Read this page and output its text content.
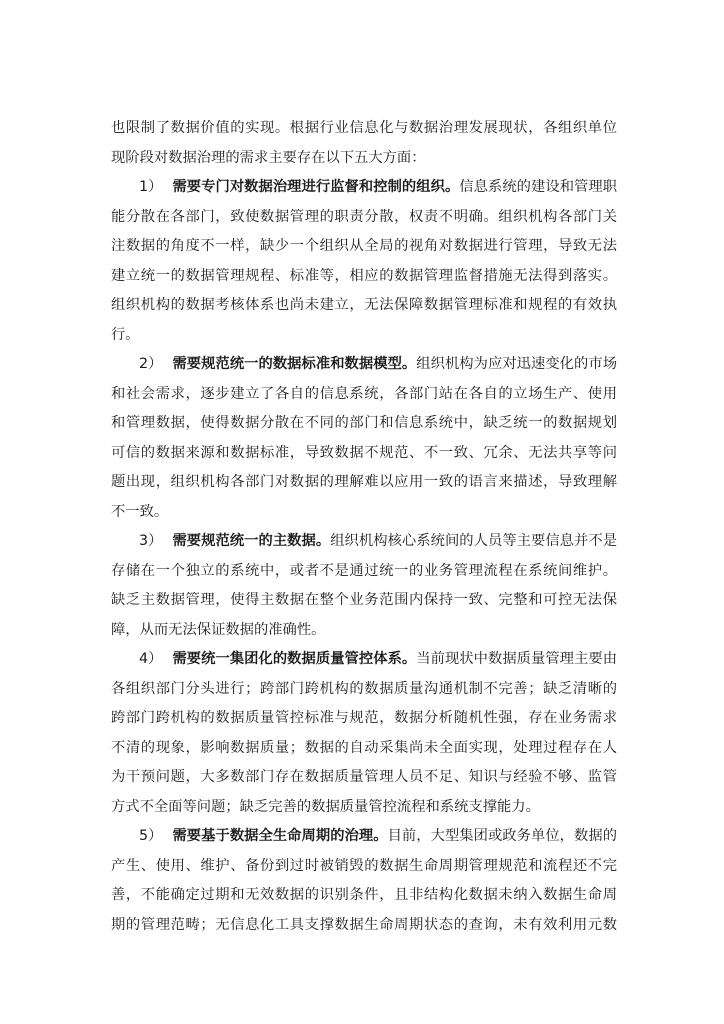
也限制了数据价值的实现。根据行业信息化与数据治理发展现状，各组织单位
现阶段对数据治理的需求主要存在以下五大方面：
1） 需要专门对数据治理进行监督和控制的组织。信息系统的建设和管理职
能分散在各部门，致使数据管理的职责分散，权责不明确。组织机构各部门关
注数据的角度不一样，缺少一个组织从全局的视角对数据进行管理，导致无法
建立统一的数据管理规程、标准等，相应的数据管理监督措施无法得到落实。
组织机构的数据考核体系也尚未建立，无法保障数据管理标准和规程的有效执
行。
2） 需要规范统一的数据标准和数据模型。组织机构为应对迅速变化的市场
和社会需求，逐步建立了各自的信息系统，各部门站在各自的立场生产、使用
和管理数据，使得数据分散在不同的部门和信息系统中，缺乏统一的数据规划
可信的数据来源和数据标准，导致数据不规范、不一致、冗余、无法共享等问
题出现，组织机构各部门对数据的理解难以应用一致的语言来描述，导致理解
不一致。
3） 需要规范统一的主数据。组织机构核心系统间的人员等主要信息并不是
存储在一个独立的系统中，或者不是通过统一的业务管理流程在系统间维护。
缺乏主数据管理，使得主数据在整个业务范围内保持一致、完整和可控无法保
障，从而无法保证数据的准确性。
4） 需要统一集团化的数据质量管控体系。当前现状中数据质量管理主要由
各组织部门分头进行；跨部门跨机构的数据质量沟通机制不完善；缺乏清晰的
跨部门跨机构的数据质量管控标准与规范，数据分析随机性强，存在业务需求
不清的现象，影响数据质量；数据的自动采集尚未全面实现，处理过程存在人
为干预问题，大多数部门存在数据质量管理人员不足、知识与经验不够、监管
方式不全面等问题；缺乏完善的数据质量管控流程和系统支撑能力。
5） 需要基于数据全生命周期的治理。目前，大型集团或政务单位，数据的
产生、使用、维护、备份到过时被销毁的数据生命周期管理规范和流程还不完
善，不能确定过期和无效数据的识别条件，且非结构化数据未纳入数据生命周
期的管理范畴；无信息化工具支撑数据生命周期状态的查询，未有效利用元数
